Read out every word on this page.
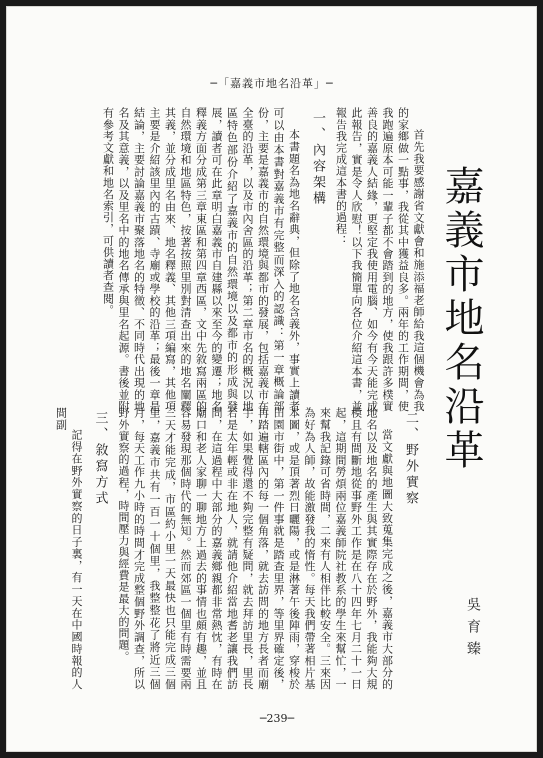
─「嘉義市地名沿革」─
嘉義市地名沿革
吳育臻

首先我要感謝省文獻會和施添福老師給我這個機會為我的家鄉做一點事，我從其中獲益良多。兩年的工作期間，使我跑遍原本可能一輩子都不會踏到的地方，使我跟許多樸實善良的嘉義人結緣，更堅定我使用電腦、如今有今天能完成此報告，實是令人欣慰！以下我簡單向各位介紹這本書，並報告我完成這本書的過程：

一、內容架構

本書題名為地名辭典，但除了地名含義外，事實上讀者可以由本書對嘉義市有完整而深入的認識：第一章概論部份，主要是嘉義市的自然環境與都市的發展，包括嘉義市在全臺的沿革，以及市內舍區的沿革；第二章市名的概況以地區特色部份介紹了嘉義市的自然環境以及都市的形成與發展，讀者可在此章明白嘉義市自建縣以來至今的變遷；地名釋義方面分成第三章東區和第四章西區，文中先敘寫兩區的自然環境和地區特色，按著按照里別對清查出來的地名闡釋其義，並分成里名由來、地名釋義、其他三項編寫，其他項主要是介紹該里內的古蹟、寺廟或學校的沿革；最後一章是結論，主要討論嘉義市聚落地名的特徵、不同時代出現的地名及其意義，以及里名中的地名傳承與里名起源。書後並附有參考文獻和地名索引，可供讀者查閱。

二、野外實察

當文獻與地圖大致蒐集完成之後，嘉義市大部分的地名以及地名的產生與其實際存在於野外，我能夠大規模且有間斷地從事野外工作是在八十四年七月二十一日起，這期間勞煩兩位嘉義師院社教系的學生來幫忙，一來幫我記錄可省時間，二來有人相伴比較安全。三來因為好為人師，故能激發我的惰性。每天我們帶著相片基本圖，或是頂著烈日曬陽，或是淋著午後陣雨，穿梭於田園市街中，第一件事就是踏查里界，等里界確定後，再踏遍轄區內的每一個角落，就去訪問的地方長者而廟宇，如果覺得還不夠完整有疑問，就去拜訪里長，里長若是太年輕或非在地人，就請他介紹當地耆老讓我們訪問，在這過程中大部分的嘉義鄉親都非常熱忱，有時在廟口和老人家聊一聊地方上過去的事情也頗有趣，並且容易發現那個時代的無知。然而郊區一個里有時需要兩三天才能完成，市區約小里一天最快也只能完成三個里，嘉義市共有一百一十個里，我整整花了將近三個月，每天工作九小時的時間才完成整個野外調查，所以野外實察的過程，時間壓力與經費是最大的問題。

三、敘寫方式

記得在野外實察的日子裏，有一天在中國時報的人間副

─239─
